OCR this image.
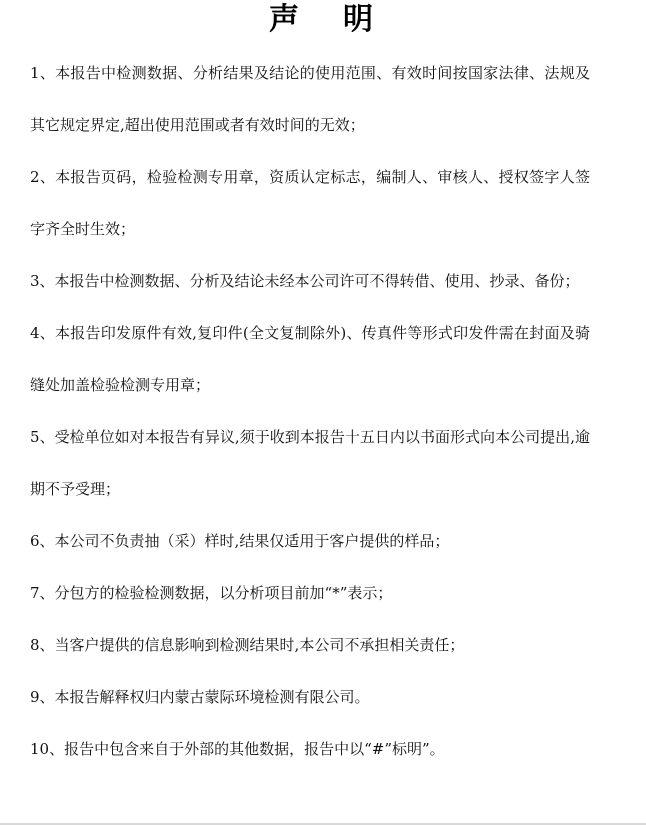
声明
1、本报告中检测数据、分析结果及结论的使用范围、有效时间按国家法律、法规及其它规定界定,超出使用范围或者有效时间的无效；
2、本报告页码，检验检测专用章，资质认定标志，编制人、审核人、授权签字人签字齐全时生效；
3、本报告中检测数据、分析及结论未经本公司许可不得转借、使用、抄录、备份；
4、本报告印发原件有效,复印件(全文复制除外)、传真件等形式印发件需在封面及骑缝处加盖检验检测专用章；
5、受检单位如对本报告有异议,须于收到本报告十五日内以书面形式向本公司提出,逾期不予受理；
6、本公司不负责抽（采）样时,结果仅适用于客户提供的样品；
7、分包方的检验检测数据，以分析项目前加“*”表示；
8、当客户提供的信息影响到检测结果时,本公司不承担相关责任；
9、本报告解释权归内蒙古蒙际环境检测有限公司。
10、报告中包含来自于外部的其他数据，报告中以“#”标明”。
